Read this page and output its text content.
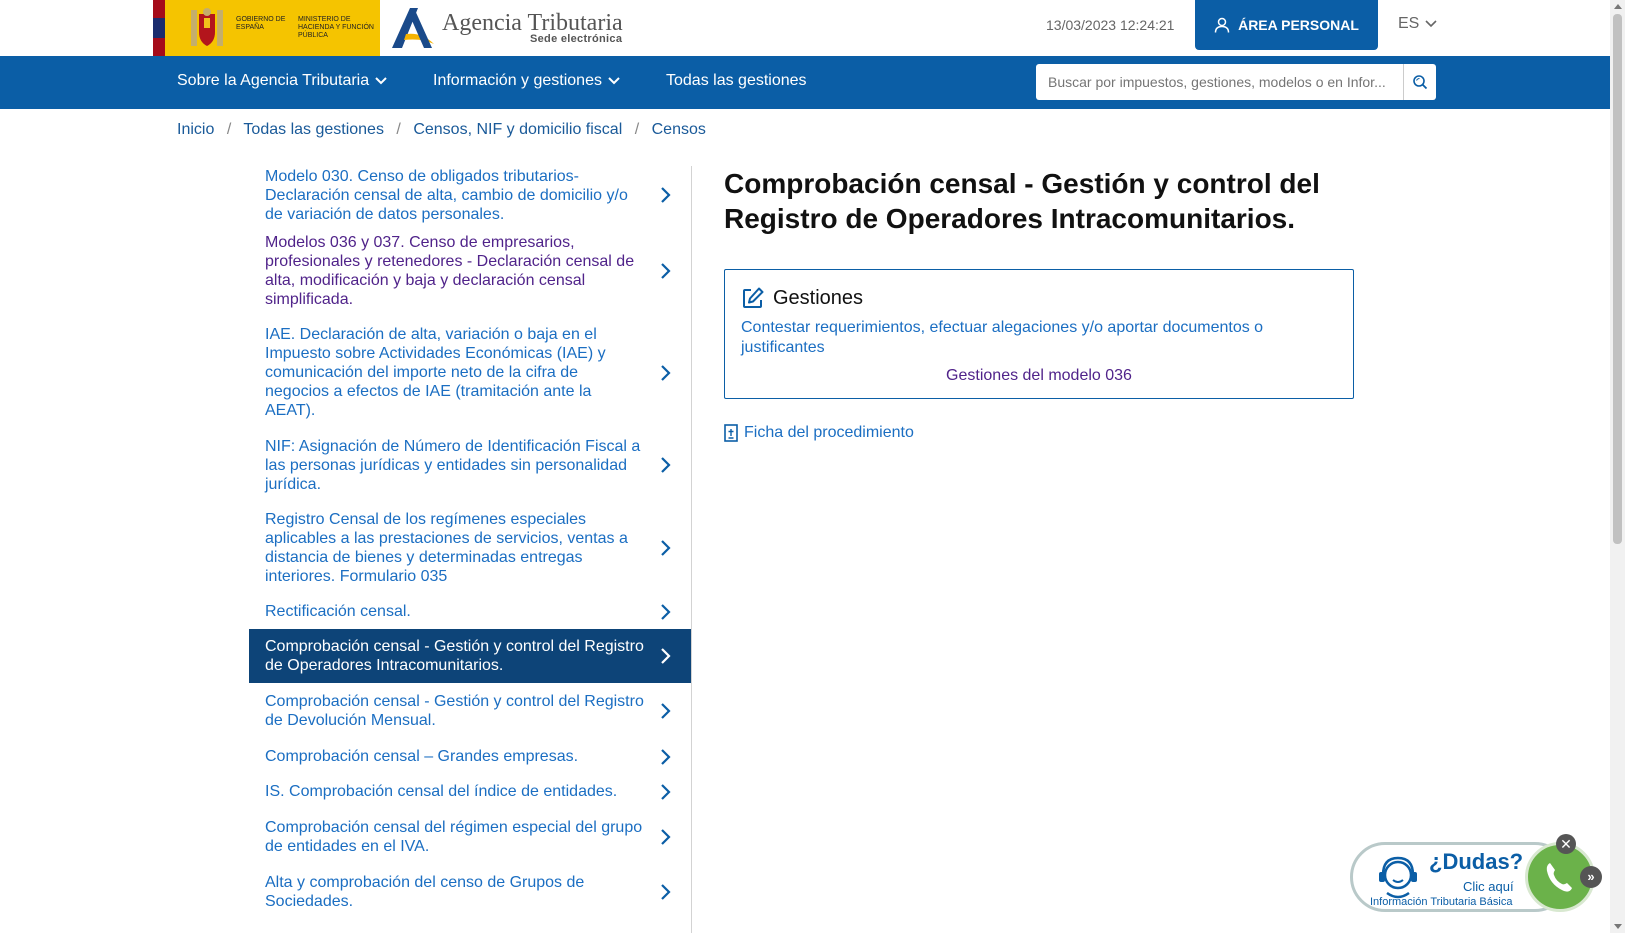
GOBIERNO DE ESPAÑA
MINISTERIO DE HACIENDA Y FUNCIÓN PÚBLICA	Agencia Tributaria
Sede electrónica
13/03/2023 12:24:21	ÁREA PERSONAL ES
Sobre la Agencia Tributaria	Información y gestiones	Todas las gestiones
Buscar por impuestos, gestiones, modelos o en Infor...
Inicio / Todas las gestiones / Censos, NIF y domicilio fiscal / Censos
Modelo 030. Censo de obligados tributarios-Declaración censal de alta, cambio de domicilio y/o de variación de datos personales.
Modelos 036 y 037. Censo de empresarios, profesionales y retenedores - Declaración censal de alta, modificación y baja y declaración censal simplificada.
IAE. Declaración de alta, variación o baja en el Impuesto sobre Actividades Económicas (IAE) y comunicación del importe neto de la cifra de negocios a efectos de IAE (tramitación ante la AEAT).
NIF: Asignación de Número de Identificación Fiscal a las personas jurídicas y entidades sin personalidad jurídica.
Registro Censal de los regímenes especiales aplicables a las prestaciones de servicios, ventas a distancia de bienes y determinadas entregas interiores. Formulario 035
Rectificación censal.
Comprobación censal - Gestión y control del Registro de Operadores Intracomunitarios.
Comprobación censal - Gestión y control del Registro de Devolución Mensual.
Comprobación censal – Grandes empresas.
IS. Comprobación censal del índice de entidades.
Comprobación censal del régimen especial del grupo de entidades en el IVA.
Alta y comprobación del censo de Grupos de Sociedades.
Comprobación censal - Gestión y control del Registro de Operadores Intracomunitarios.
Gestiones
Contestar requerimientos, efectuar alegaciones y/o aportar documentos o justificantes
Gestiones del modelo 036
Ficha del procedimiento
¿Dudas?
Clic aquí
Información Tributaria Básica
✕
»
